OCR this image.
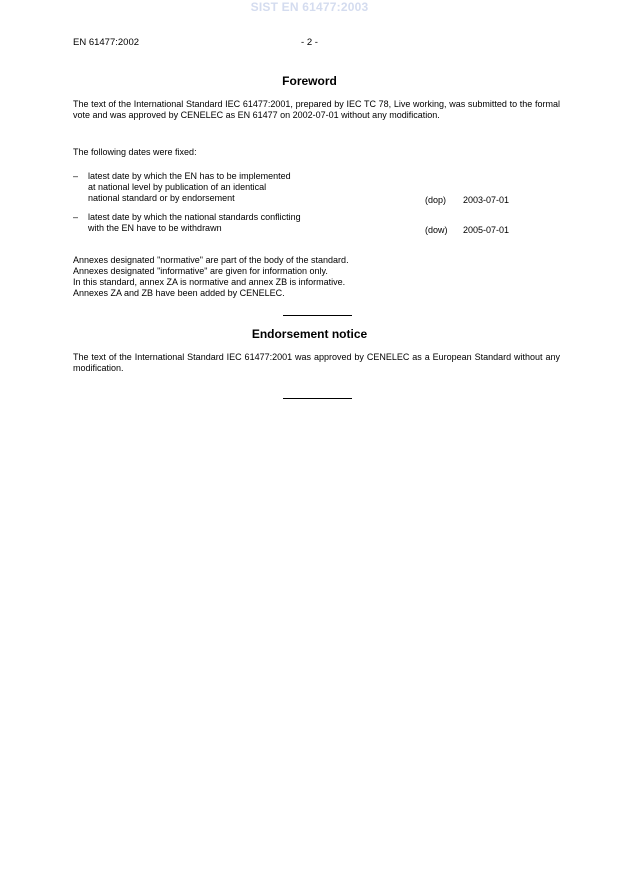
SIST EN 61477:2003
EN 61477:2002	- 2 -
Foreword
The text of the International Standard IEC 61477:2001, prepared by IEC TC 78, Live working, was submitted to the formal vote and was approved by CENELEC as EN 61477 on 2002-07-01 without any modification.
The following dates were fixed:
– latest date by which the EN has to be implemented
at national level by publication of an identical
national standard or by endorsement	(dop) 2003-07-01
– latest date by which the national standards conflicting
with the EN have to be withdrawn	(dow) 2005-07-01
Annexes designated "normative" are part of the body of the standard.
Annexes designated "informative" are given for information only.
In this standard, annex ZA is normative and annex ZB is informative.
Annexes ZA and ZB have been added by CENELEC.
Endorsement notice
The text of the International Standard IEC 61477:2001 was approved by CENELEC as a European Standard without any modification.
